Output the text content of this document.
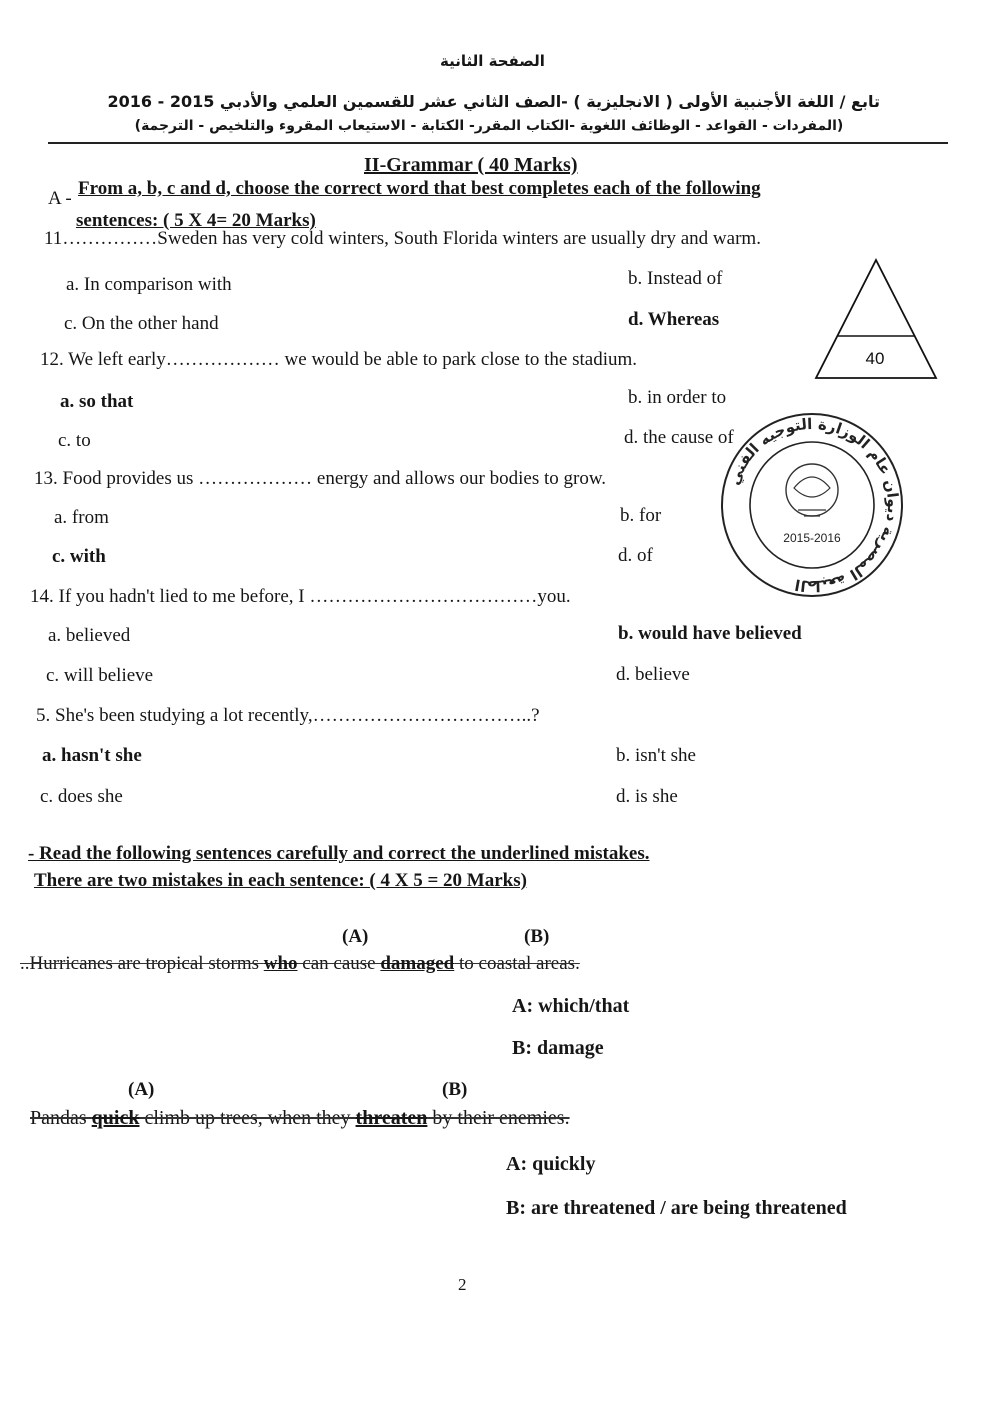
الصفحة الثانية
تابع / اللغة الأجنبية الأولى ( الانجليزية ) -الصف الثاني عشر للقسمين العلمي والأدبي 2015 - 2016
(المفردات - القواعد - الوظائف اللغوية -الكتاب المقرر- الكتابة - الاستيعاب المقروء والتلخيص - الترجمة)
II-Grammar ( 40 Marks)
A - From a, b, c and d, choose the correct word that best completes each of the following
sentences: ( 5 X 4= 20 Marks)
40
11……………Sweden has very cold winters, South Florida winters are usually dry and warm.
a. In comparison with	b. Instead of
c. On the other hand	d. Whereas
12. We left early……………… we would be able to park close to the stadium.
a. so that	b. in order to
c. to	d. the cause of
13. Food provides us ……………… energy and allows our bodies to grow.
a. from	b. for
c. with	d. of
14. If you hadn't lied to me before, I ………………………………you.
a. believed	b. would have believed
c. will believe	d. believe
5. She's been studying a lot recently,……………………………..?
a. hasn't she	b. isn't she
c. does she	d. is she
الطبعة المصرية ديوان عام الوزارة التوجيه الفني
2015-2016
- Read the following sentences carefully and correct the underlined mistakes.
There are two mistakes in each sentence: ( 4 X 5 = 20 Marks)
(A)	(B)
..Hurricanes are tropical storms who can cause damaged to coastal areas.
A: which/that
B: damage
(A)	(B)
Pandas quick climb up trees, when they threaten by their enemies.
A: quickly
B: are threatened / are being threatened
2
